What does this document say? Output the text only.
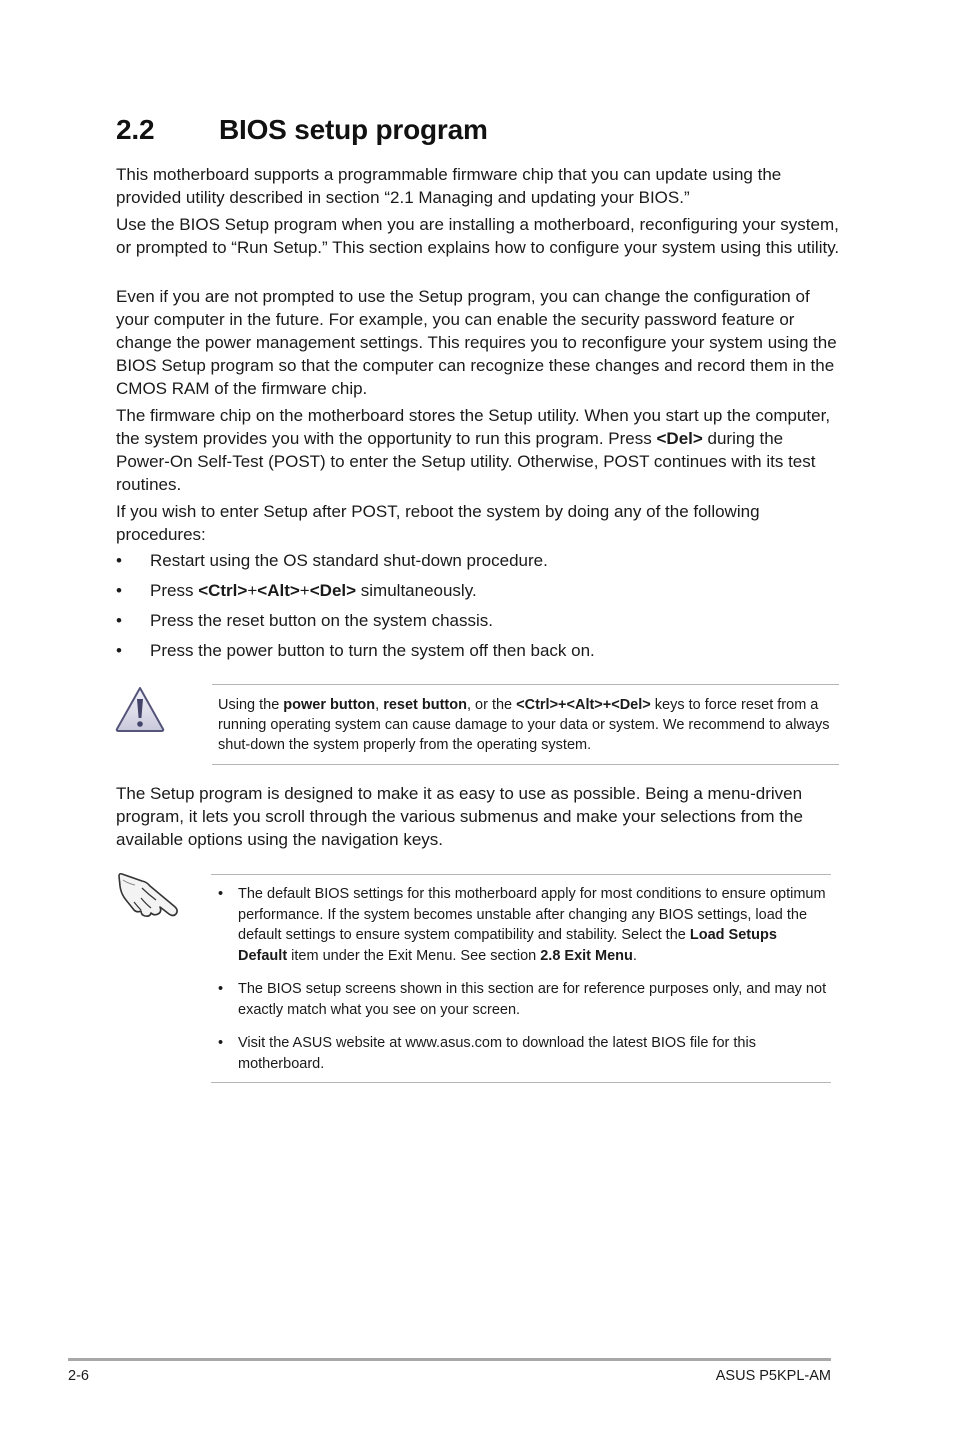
2.2 BIOS setup program

This motherboard supports a programmable firmware chip that you can update using the provided utility described in section “2.1 Managing and updating your BIOS.”

Use the BIOS Setup program when you are installing a motherboard, reconfiguring your system, or prompted to “Run Setup.” This section explains how to configure your system using this utility.

Even if you are not prompted to use the Setup program, you can change the configuration of your computer in the future. For example, you can enable the security password feature or change the power management settings. This requires you to reconfigure your system using the BIOS Setup program so that the computer can recognize these changes and record them in the CMOS RAM of the firmware chip.

The firmware chip on the motherboard stores the Setup utility. When you start up the computer, the system provides you with the opportunity to run this program. Press <Del> during the Power-On Self-Test (POST) to enter the Setup utility. Otherwise, POST continues with its test routines.

If you wish to enter Setup after POST, reboot the system by doing any of the following procedures:

• Restart using the OS standard shut-down procedure.
• Press <Ctrl>+<Alt>+<Del> simultaneously.
• Press the reset button on the system chassis.
• Press the power button to turn the system off then back on.

Using the power button, reset button, or the <Ctrl>+<Alt>+<Del> keys to force reset from a running operating system can cause damage to your data or system. We recommend to always shut-down the system properly from the operating system.

The Setup program is designed to make it as easy to use as possible. Being a menu-driven program, it lets you scroll through the various submenus and make your selections from the available options using the navigation keys.

• The default BIOS settings for this motherboard apply for most conditions to ensure optimum performance. If the system becomes unstable after changing any BIOS settings, load the default settings to ensure system compatibility and stability. Select the Load Setups Default item under the Exit Menu. See section 2.8 Exit Menu.
• The BIOS setup screens shown in this section are for reference purposes only, and may not exactly match what you see on your screen.
• Visit the ASUS website at www.asus.com to download the latest BIOS file for this motherboard.
2-6	ASUS P5KPL-AM
